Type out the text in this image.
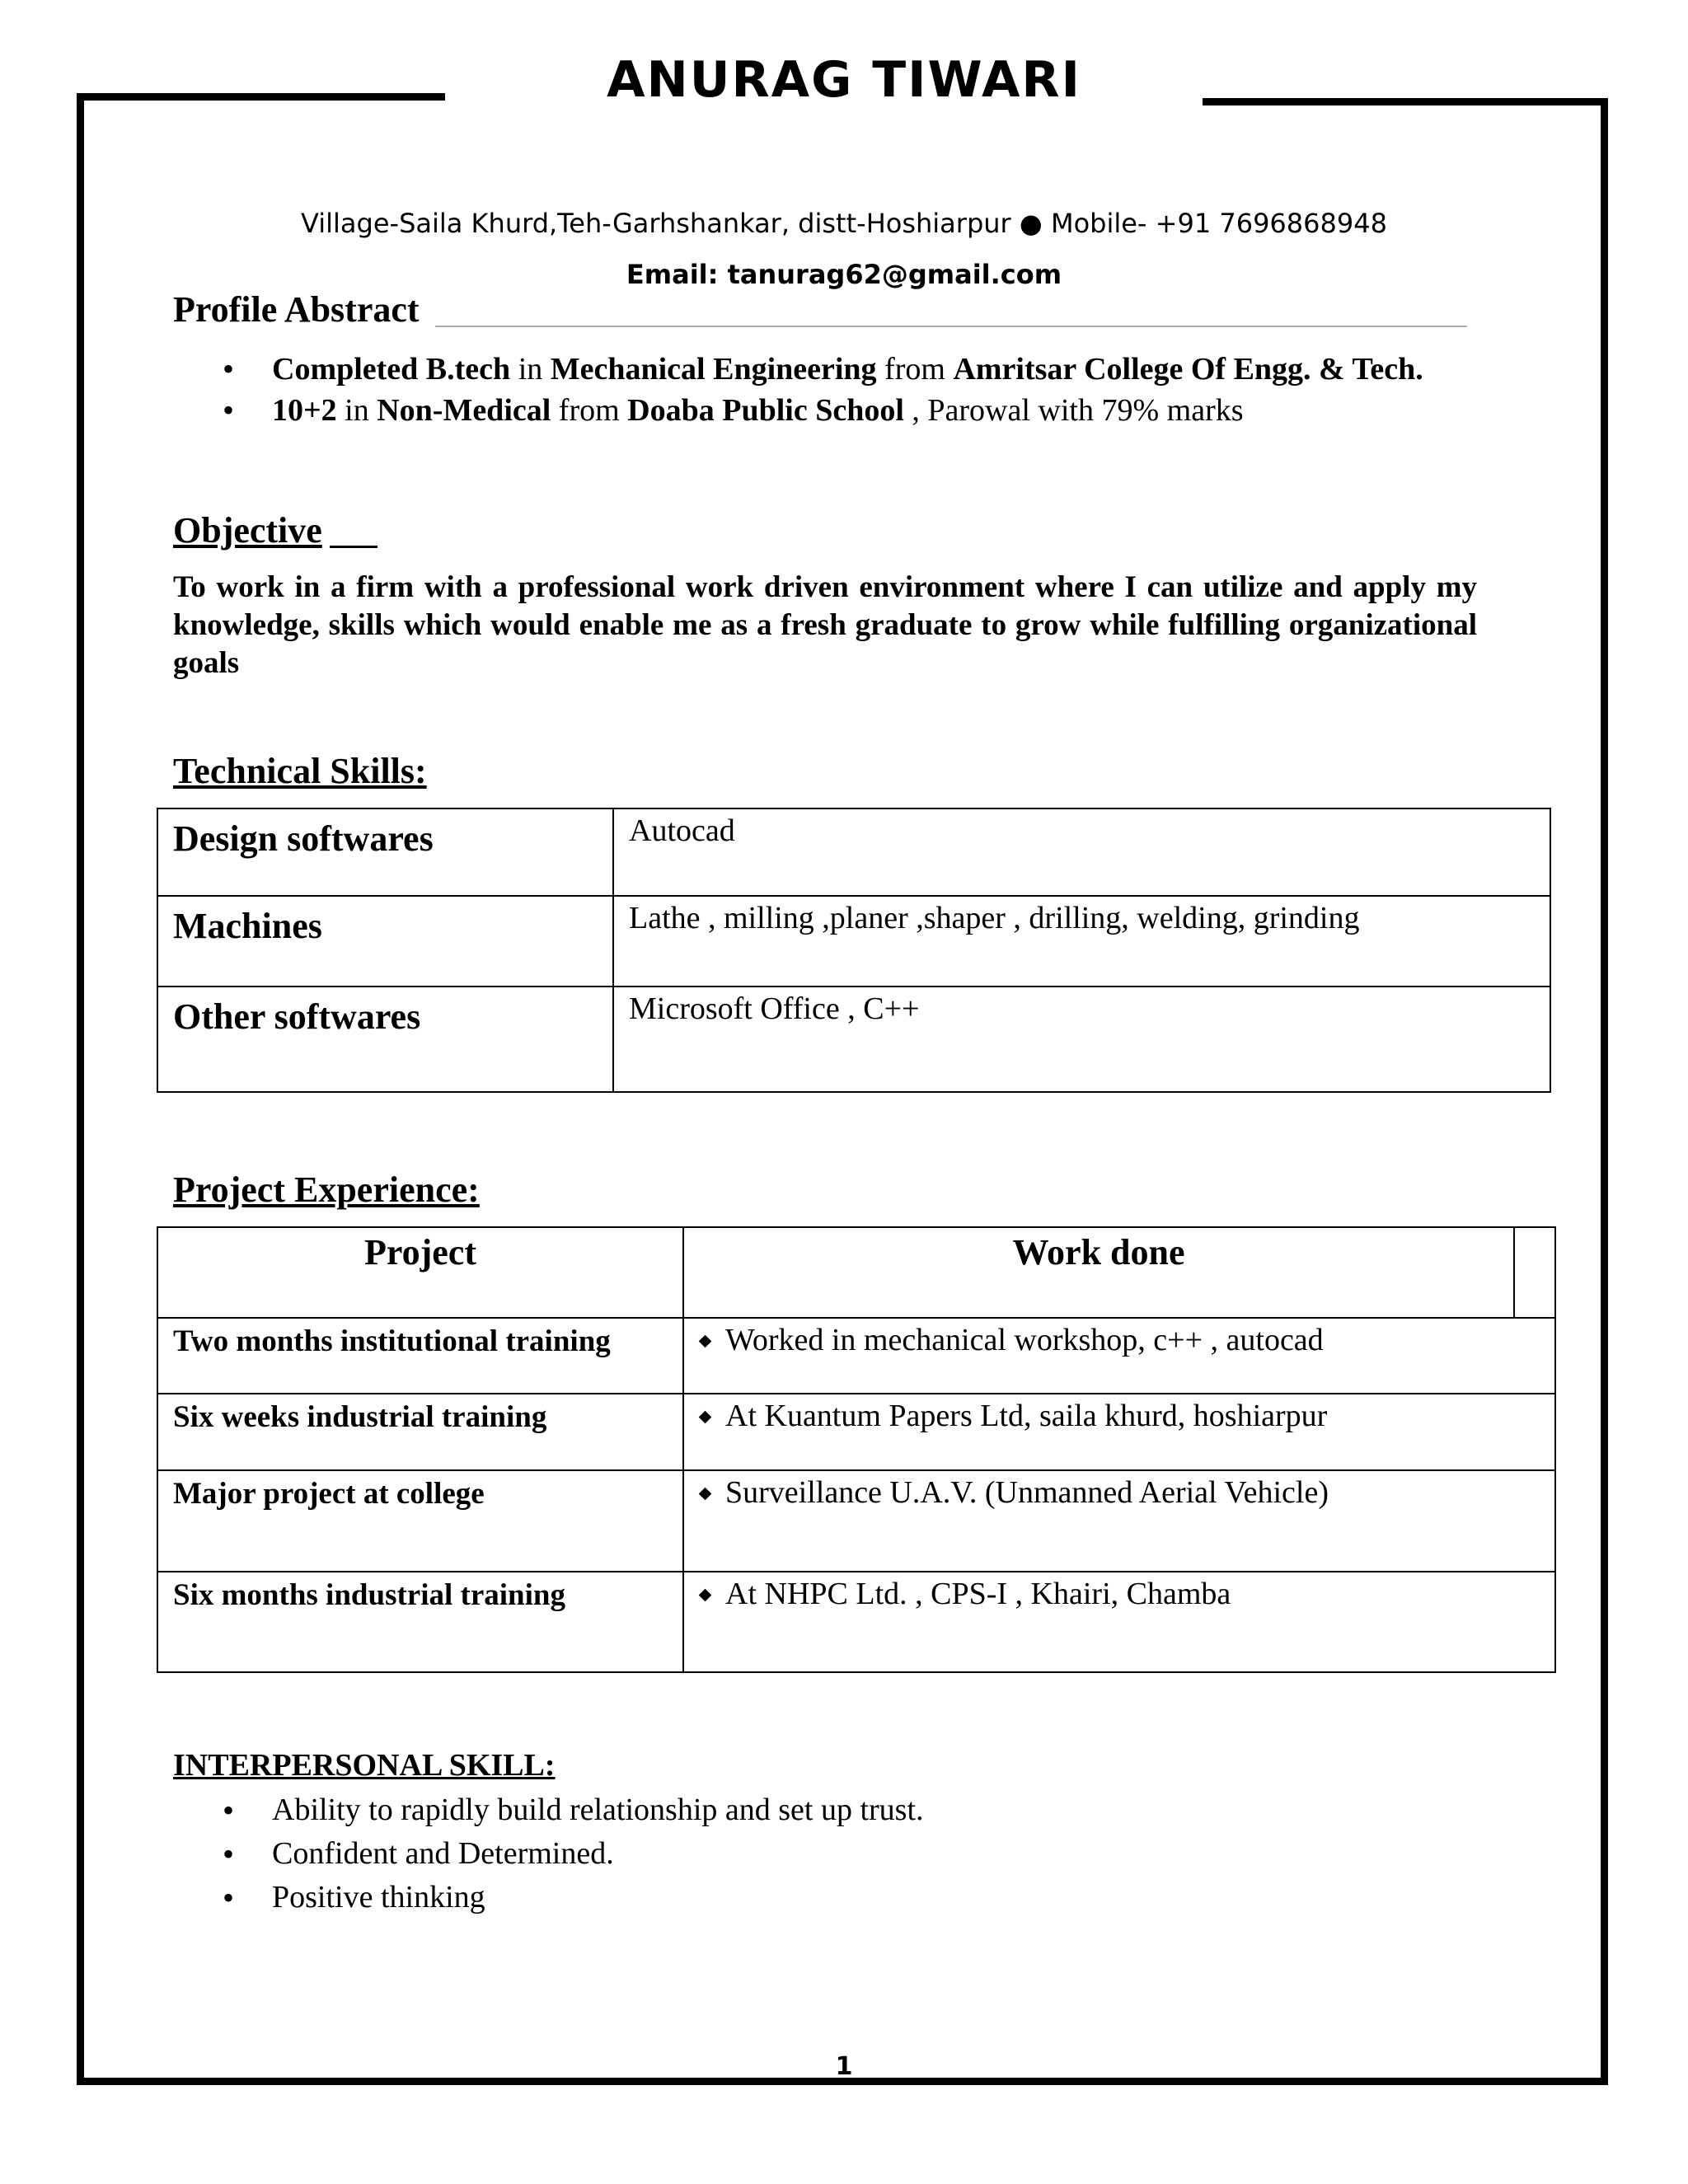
ANURAG TIWARI
Village-Saila Khurd,Teh-Garhshankar, distt-Hoshiarpur ● Mobile- +91 7696868948
Email: tanurag62@gmail.com
Profile Abstract
• Completed B.tech in Mechanical Engineering from Amritsar College Of Engg. & Tech.
• 10+2 in Non-Medical from Doaba Public School , Parowal with 79% marks
Objective
To work in a firm with a professional work driven environment where I can utilize and apply my knowledge, skills which would enable me as a fresh graduate to grow while fulfilling organizational goals
Technical Skills:
Design softwares	Autocad
Machines	Lathe , milling ,planer ,shaper , drilling, welding, grinding
Other softwares	Microsoft Office , C++
Project Experience:
Project	Work done	
Two months institutional training	Worked in mechanical workshop, c++ , autocad	
Six weeks industrial training	At Kuantum Papers Ltd, saila khurd, hoshiarpur	
Major project at college	Surveillance U.A.V. (Unmanned Aerial Vehicle)	
Six months industrial training	At NHPC Ltd. , CPS-I , Khairi, Chamba	
INTERPERSONAL SKILL:
• Ability to rapidly build relationship and set up trust.
• Confident and Determined.
• Positive thinking
1
